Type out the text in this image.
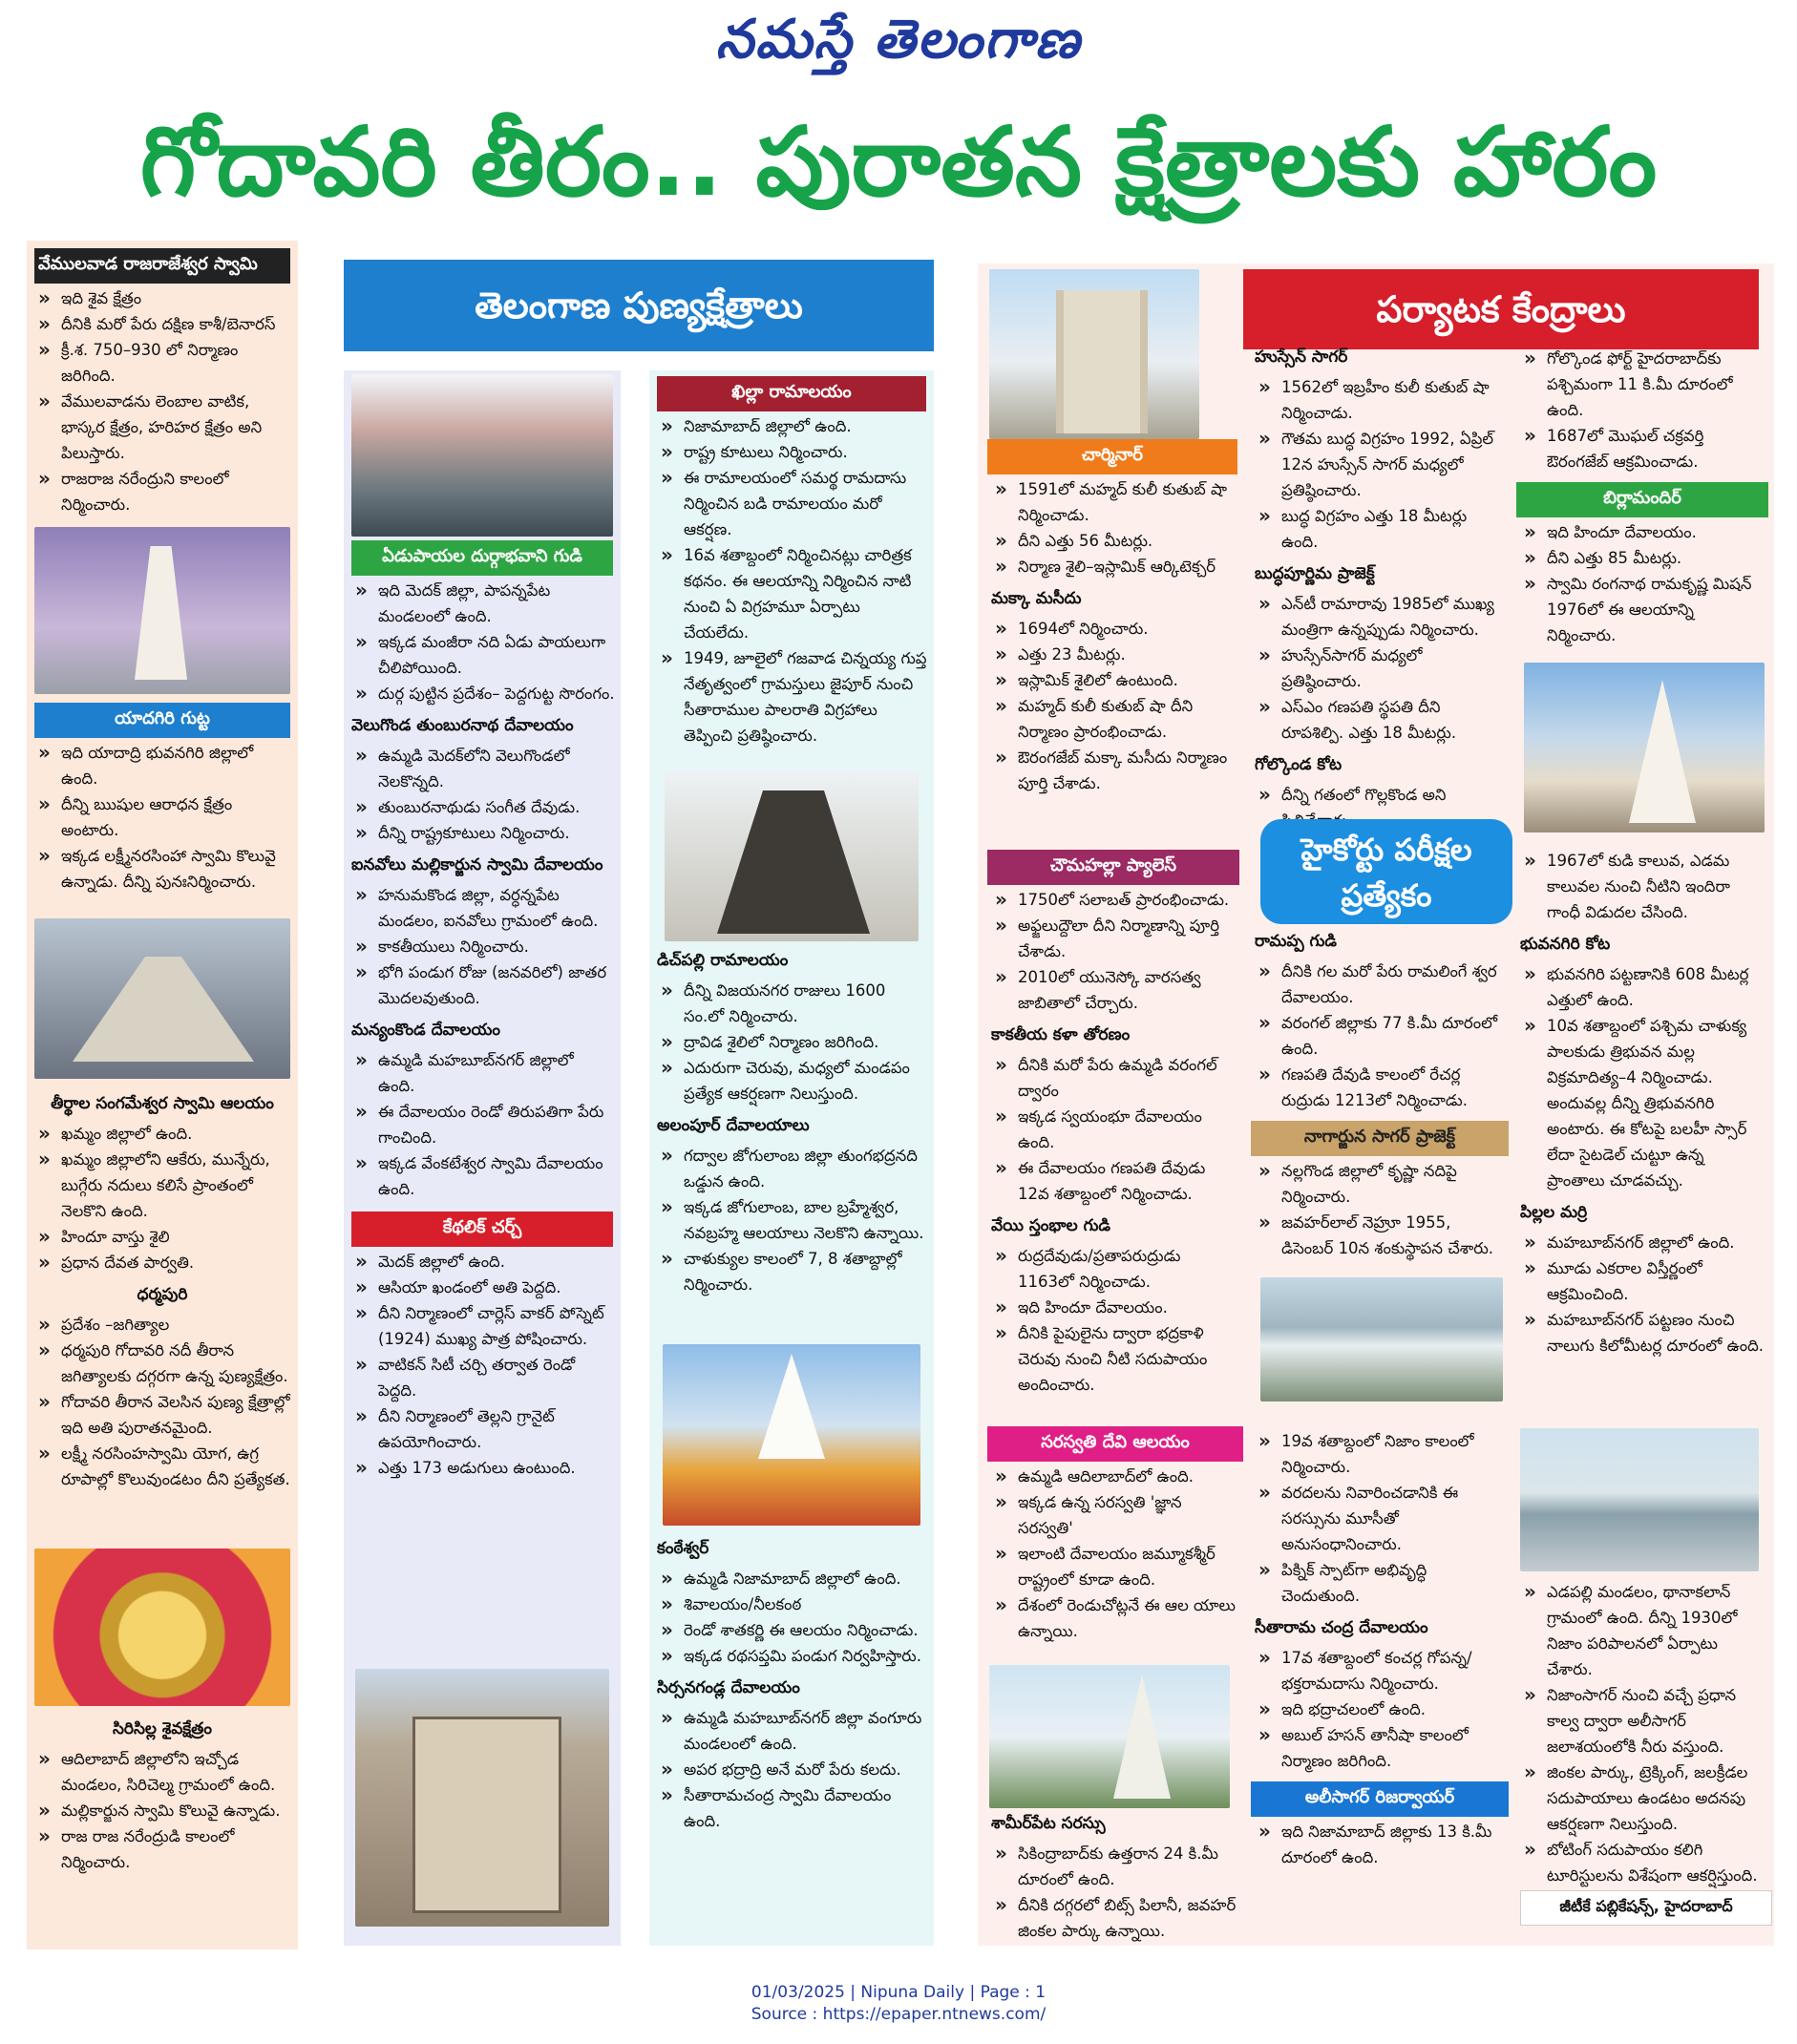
నమస్తే తెలంగాణ
గోదావరి తీరం.. పురాతన క్షేత్రాలకు హారం
వేములవాడ రాజరాజేశ్వర స్వామి
» ఇది శైవ క్షేత్రం
» దీనికి మరో పేరు దక్షిణ కాశీ/బెనారస్
» క్రీ.శ. 750–930 లో నిర్మాణం జరిగింది.
» వేములవాడను లెంబాల వాటిక, భాస్కర క్షేత్రం, హరిహర క్షేత్రం అని పిలుస్తారు.
» రాజరాజ నరేంద్రుని కాలంలో నిర్మించారు.
యాదగిరి గుట్ట
» ఇది యాదాద్రి భువనగిరి జిల్లాలో ఉంది.
» దీన్ని ఋషుల ఆరాధన క్షేత్రం అంటారు.
» ఇక్కడ లక్ష్మీనరసింహా స్వామి కొలువై ఉన్నాడు. దీన్ని పునఃనిర్మించారు.
తీర్థాల సంగమేశ్వర స్వామి ఆలయం
» ఖమ్మం జిల్లాలో ఉంది.
» ఖమ్మం జిల్లాలోని ఆకేరు, మున్నేరు, బుగ్గేరు నదులు కలిసే ప్రాంతంలో నెలకొని ఉంది.
» హిందూ వాస్తు శైలి
» ప్రధాన దేవత పార్వతి.
ధర్మపురి
» ప్రదేశం –జగిత్యాల
» ధర్మపురి గోదావరి నదీ తీరాన జగిత్యాలకు దగ్గరగా ఉన్న పుణ్యక్షేత్రం.
» గోదావరి తీరాన వెలసిన పుణ్య క్షేత్రాల్లో ఇది అతి పురాతనమైంది.
» లక్ష్మీ నరసింహస్వామి యోగ, ఉగ్ర రూపాల్లో కొలువుండటం దీని ప్రత్యేకత.
సిరిసిల్ల శైవక్షేత్రం
» ఆదిలాబాద్ జిల్లాలోని ఇచ్చోడ మండలం, సిరిచెల్మ గ్రామంలో ఉంది.
» మల్లికార్జున స్వామి కొలువై ఉన్నాడు.
» రాజ రాజ నరేంద్రుడి కాలంలో నిర్మించారు.
తెలంగాణ పుణ్యక్షేత్రాలు
ఏడుపాయల దుర్గాభవాని గుడి
» ఇది మెదక్ జిల్లా, పాపన్నపేట మండలంలో ఉంది.
» ఇక్కడ మంజీరా నది ఏడు పాయలుగా చీలిపోయింది.
» దుర్గ పుట్టిన ప్రదేశం– పెద్దగుట్ట సొరంగం.
వెలుగొండ తుంబురనాథ దేవాలయం
» ఉమ్మడి మెదక్‌లోని వెలుగొండలో నెలకొన్నది.
» తుంబురనాథుడు సంగీత దేవుడు.
» దీన్ని రాష్ట్రకూటులు నిర్మించారు.
ఐనవోలు మల్లికార్జున స్వామి దేవాలయం
» హనుమకొండ జిల్లా, వర్ధన్నపేట మండలం, ఐనవోలు గ్రామంలో ఉంది.
» కాకతీయులు నిర్మించారు.
» భోగి పండుగ రోజు (జనవరిలో) జాతర మొదలవుతుంది.
మన్యంకొండ దేవాలయం
» ఉమ్మడి మహబూబ్‌నగర్ జిల్లాలో ఉంది.
» ఈ దేవాలయం రెండో తిరుపతిగా పేరు గాంచింది.
» ఇక్కడ వేంకటేశ్వర స్వామి దేవాలయం ఉంది.
కేథలిక్ చర్చ్
» మెదక్ జిల్లాలో ఉంది.
» ఆసియా ఖండంలో అతి పెద్దది.
» దీని నిర్మాణంలో చార్లెస్ వాకర్ పోస్నెట్ (1924) ముఖ్య పాత్ర పోషించారు.
» వాటికన్ సిటీ చర్చి తర్వాత రెండో పెద్దది.
» దీని నిర్మాణంలో తెల్లని గ్రానైట్ ఉపయోగించారు.
» ఎత్తు 173 అడుగులు ఉంటుంది.
ఖిల్లా రామాలయం
» నిజామాబాద్ జిల్లాలో ఉంది.
» రాష్ట్ర కూటులు నిర్మించారు.
» ఈ రామాలయంలో సమర్థ రామదాసు నిర్మించిన బడి రామాలయం మరో ఆకర్షణ.
» 16వ శతాబ్దంలో నిర్మించినట్లు చారిత్రక కథనం. ఈ ఆలయాన్ని నిర్మించిన నాటి నుంచి ఏ విగ్రహమూ ఏర్పాటు చేయలేదు.
» 1949, జూలైలో గజవాడ చిన్నయ్య గుప్త నేతృత్వంలో గ్రామస్తులు జైపూర్ నుంచి సీతారాముల పాలరాతి విగ్రహాలు తెప్పించి ప్రతిష్ఠించారు.
డిచ్‌పల్లి రామాలయం
» దీన్ని విజయనగర రాజులు 1600 సం.లో నిర్మించారు.
» ద్రావిడ శైలిలో నిర్మాణం జరిగింది.
» ఎదురుగా చెరువు, మధ్యలో మండపం ప్రత్యేక ఆకర్షణగా నిలుస్తుంది.
అలంపూర్ దేవాలయాలు
» గద్వాల జోగులాంబ జిల్లా తుంగభద్రనది ఒడ్డున ఉంది.
» ఇక్కడ జోగులాంబ, బాల బ్రహ్మేశ్వర, నవబ్రహ్మ ఆలయాలు నెలకొని ఉన్నాయి.
» చాళుక్యుల కాలంలో 7, 8 శతాబ్దాల్లో నిర్మించారు.
కంఠేశ్వర్
» ఉమ్మడి నిజామాబాద్ జిల్లాలో ఉంది.
» శివాలయం/నీలకంఠ
» రెండో శాతకర్ణి ఈ ఆలయం నిర్మించాడు.
» ఇక్కడ రథసప్తమి పండుగ నిర్వహిస్తారు.
సిర్సనగండ్ల దేవాలయం
» ఉమ్మడి మహబూబ్‌నగర్ జిల్లా వంగూరు మండలంలో ఉంది.
» అపర భద్రాద్రి అనే మరో పేరు కలదు.
» సీతారామచంద్ర స్వామి దేవాలయం ఉంది.
పర్యాటక కేంద్రాలు
చార్మినార్
» 1591లో మహ్మద్ కులీ కుతుబ్ షా నిర్మించాడు.
» దీని ఎత్తు 56 మీటర్లు.
» నిర్మాణ శైలి–ఇస్లామిక్ ఆర్కిటెక్చర్
మక్కా మసీదు
» 1694లో నిర్మించారు.
» ఎత్తు 23 మీటర్లు.
» ఇస్లామిక్ శైలిలో ఉంటుంది.
» మహ్మద్ కులీ కుతుబ్ షా దీని నిర్మాణం ప్రారంభించాడు.
» ఔరంగజేబ్ మక్కా మసీదు నిర్మాణం పూర్తి చేశాడు.
హుస్సేన్ సాగర్
» 1562లో ఇబ్రహీం కులీ కుతుబ్ షా నిర్మించాడు.
» గౌతమ బుద్ధ విగ్రహం 1992, ఏప్రిల్ 12న హుస్సేన్ సాగర్ మధ్యలో ప్రతిష్ఠించారు.
» బుద్ధ విగ్రహం ఎత్తు 18 మీటర్లు ఉంది.
బుద్ధపూర్ణిమ ప్రాజెక్ట్
» ఎన్‌టీ రామారావు 1985లో ముఖ్య మంత్రిగా ఉన్నప్పుడు నిర్మించారు.
» హుస్సేన్‌సాగర్ మధ్యలో ప్రతిష్ఠించారు.
» ఎస్ఎం గణపతి స్థపతి దీని రూపశిల్పి. ఎత్తు 18 మీటర్లు.
గోల్కొండ కోట
» దీన్ని గతంలో గొల్లకొండ అని
» గోల్కొండ ఫోర్ట్ హైదరాబాద్‌కు పశ్చిమంగా 11 కి.మీ దూరంలో ఉంది.
» 1687లో మొఘల్ చక్రవర్తి ఔరంగజేబ్ ఆక్రమించాడు.
బిర్లామందిర్
» ఇది హిందూ దేవాలయం.
» దీని ఎత్తు 85 మీటర్లు.
» స్వామి రంగనాథ రామకృష్ణ మిషన్ 1976లో ఈ ఆలయాన్ని నిర్మించారు.
హైకోర్టు పరీక్షల ప్రత్యేకం
చౌమహల్లా ప్యాలెస్
» 1750లో సలాబత్ ప్రారంభించాడు.
» అఫ్జలుద్దౌలా దీని నిర్మాణాన్ని పూర్తి చేశాడు.
» 2010లో యునెస్కో వారసత్వ జాబితాలో చేర్చారు.
కాకతీయ కళా తోరణం
» దీనికి మరో పేరు ఉమ్మడి వరంగల్ ద్వారం
» ఇక్కడ స్వయంభూ దేవాలయం ఉంది.
» ఈ దేవాలయం గణపతి దేవుడు 12వ శతాబ్దంలో నిర్మించాడు.
వేయి స్తంభాల గుడి
» రుద్రదేవుడు/ప్రతాపరుద్రుడు 1163లో నిర్మించాడు.
» ఇది హిందూ దేవాలయం.
» దీనికి పైపులైను ద్వారా భద్రకాళి చెరువు నుంచి నీటి సదుపాయం అందించారు.
రామప్ప గుడి
» దీనికి గల మరో పేరు రామలింగే శ్వర దేవాలయం.
» వరంగల్ జిల్లాకు 77 కి.మీ దూరంలో ఉంది.
» గణపతి దేవుడి కాలంలో రేచర్ల రుద్రుడు 1213లో నిర్మించాడు.
నాగార్జున సాగర్ ప్రాజెక్ట్
» నల్లగొండ జిల్లాలో కృష్ణా నదిపై నిర్మించారు.
» జవహర్‌లాల్ నెహ్రూ 1955, డిసెంబర్ 10న శంకుస్థాపన చేశారు.
» 1967లో కుడి కాలువ, ఎడమ కాలువల నుంచి నీటిని ఇందిరా గాంధీ విడుదల చేసింది.
భువనగిరి కోట
» భువనగిరి పట్టణానికి 608 మీటర్ల ఎత్తులో ఉంది.
» 10వ శతాబ్దంలో పశ్చిమ చాళుక్య పాలకుడు త్రిభువన మల్ల విక్రమాదిత్య–4 నిర్మించాడు. అందువల్ల దీన్ని త్రిభువనగిరి అంటారు. ఈ కోటపై బలహీ స్సార్ లేదా సైటడెల్ చుట్టూ ఉన్న ప్రాంతాలు చూడవచ్చు.
పిల్లల మర్రి
» మహబూబ్‌నగర్ జిల్లాలో ఉంది.
» మూడు ఎకరాల విస్తీర్ణంలో ఆక్రమించింది.
» మహబూబ్‌నగర్ పట్టణం నుంచి నాలుగు కిలోమీటర్ల దూరంలో ఉంది.
సరస్వతి దేవి ఆలయం
» ఉమ్మడి ఆదిలాబాద్‌లో ఉంది.
» ఇక్కడ ఉన్న సరస్వతి 'జ్ఞాన సరస్వతి'
» ఇలాంటి దేవాలయం జమ్మూకశ్మీర్ రాష్ట్రంలో కూడా ఉంది.
» దేశంలో రెండుచోట్లనే ఈ ఆల యాలు ఉన్నాయి.
శామీర్‌పేట సరస్సు
» సికింద్రాబాద్‌కు ఉత్తరాన 24 కి.మీ దూరంలో ఉంది.
» దీనికి దగ్గరలో బిట్స్ పిలానీ, జవహర్ జింకల పార్కు ఉన్నాయి.
» 19వ శతాబ్దంలో నిజాం కాలంలో నిర్మించారు.
» వరదలను నివారించడానికి ఈ సరస్సును మూసీతో అనుసంధానించారు.
» పిక్నిక్ స్పాట్‌గా అభివృద్ధి చెందుతుంది.
సీతారామ చంద్ర దేవాలయం
» 17వ శతాబ్దంలో కంచర్ల గోపన్న/భక్తరామదాసు నిర్మించారు.
» ఇది భద్రాచలంలో ఉంది.
» అబుల్ హసన్ తానీషా కాలంలో నిర్మాణం జరిగింది.
అలీసాగర్ రిజర్వాయర్
» ఇది నిజామాబాద్ జిల్లాకు 13 కి.మీ దూరంలో ఉంది.
» ఎడపల్లి మండలం, థానాకలాన్ గ్రామంలో ఉంది. దీన్ని 1930లో నిజాం పరిపాలనలో ఏర్పాటు చేశారు.
» నిజాంసాగర్ నుంచి వచ్చే ప్రధాన కాల్వ ద్వారా అలీసాగర్ జలాశయంలోకి నీరు వస్తుంది.
» జింకల పార్కు, ట్రెక్కింగ్, జలక్రీడల సదుపాయాలు ఉండటం అదనపు ఆకర్షణగా నిలుస్తుంది.
» బోటింగ్ సదుపాయం కలిగి టూరిస్టులను విశేషంగా ఆకర్షిస్తుంది.
జీటీకే పబ్లికేషన్స్, హైదరాబాద్
01/03/2025 | Nipuna Daily | Page : 1
Source : https://epaper.ntnews.com/
